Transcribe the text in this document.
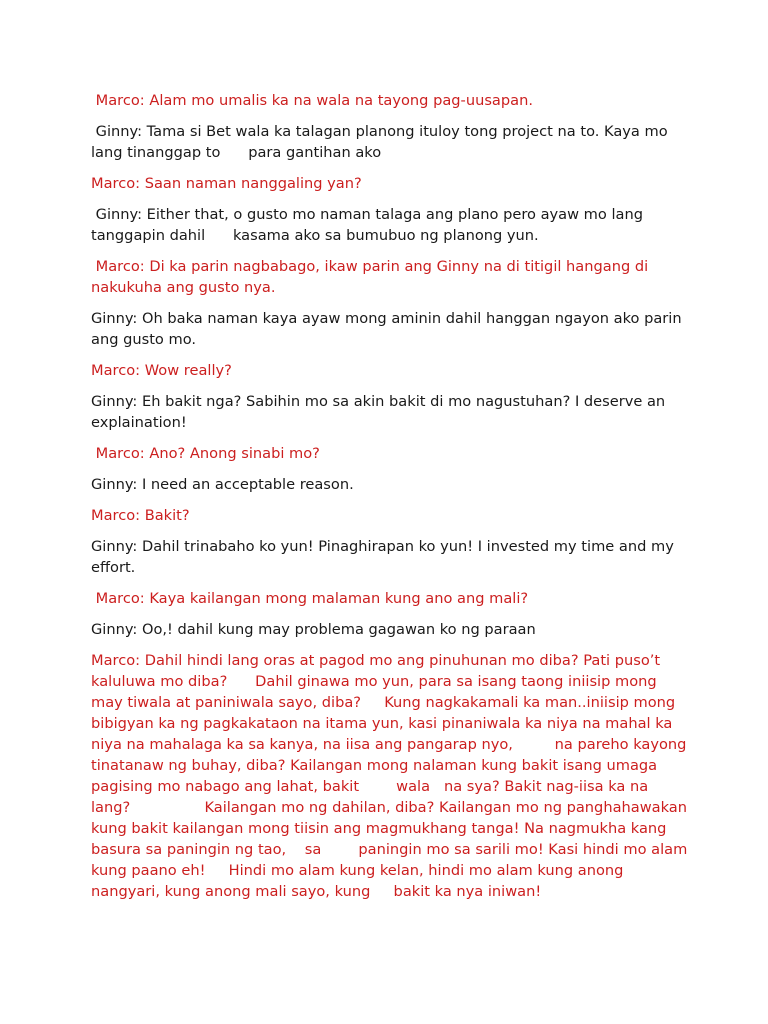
Marco: Alam mo umalis ka na wala na tayong pag-uusapan.

Ginny: Tama si Bet wala ka talagan planong ituloy tong project na to. Kaya mo lang tinanggap to      para gantihan ako

Marco: Saan naman nanggaling yan?

Ginny: Either that, o gusto mo naman talaga ang plano pero ayaw mo lang tanggapin dahil      kasama ako sa bumubuo ng planong yun.

Marco: Di ka parin nagbabago, ikaw parin ang Ginny na di titigil hangang di nakukuha ang gusto nya.

Ginny: Oh baka naman kaya ayaw mong aminin dahil hanggan ngayon ako parin ang gusto mo.

Marco: Wow really?

Ginny: Eh bakit nga? Sabihin mo sa akin bakit di mo nagustuhan? I deserve an explaination!

Marco: Ano? Anong sinabi mo?

Ginny: I need an acceptable reason.

Marco: Bakit?

Ginny: Dahil trinabaho ko yun! Pinaghirapan ko yun! I invested my time and my effort.

Marco: Kaya kailangan mong malaman kung ano ang mali?

Ginny: Oo,! dahil kung may problema gagawan ko ng paraan

Marco: Dahil hindi lang oras at pagod mo ang pinuhunan mo diba? Pati puso’t kaluluwa mo diba?      Dahil ginawa mo yun, para sa isang taong iniisip mong may tiwala at paniniwala sayo, diba?     Kung nagkakamali ka man..iniisip mong bibigyan ka ng pagkakataon na itama yun, kasi pinaniwala ka niya na mahal ka niya na mahalaga ka sa kanya, na iisa ang pangarap nyo,         na pareho kayong tinatanaw ng buhay, diba? Kailangan mong nalaman kung bakit isang umaga pagising mo nabago ang lahat, bakit        wala   na sya? Bakit nag-iisa ka na lang?                Kailangan mo ng dahilan, diba? Kailangan mo ng panghahawakan kung bakit kailangan mong tiisin ang magmukhang tanga! Na nagmukha kang basura sa paningin ng tao,    sa        paningin mo sa sarili mo! Kasi hindi mo alam kung paano eh!     Hindi mo alam kung kelan, hindi mo alam kung anong nangyari, kung anong mali sayo, kung     bakit ka nya iniwan!
